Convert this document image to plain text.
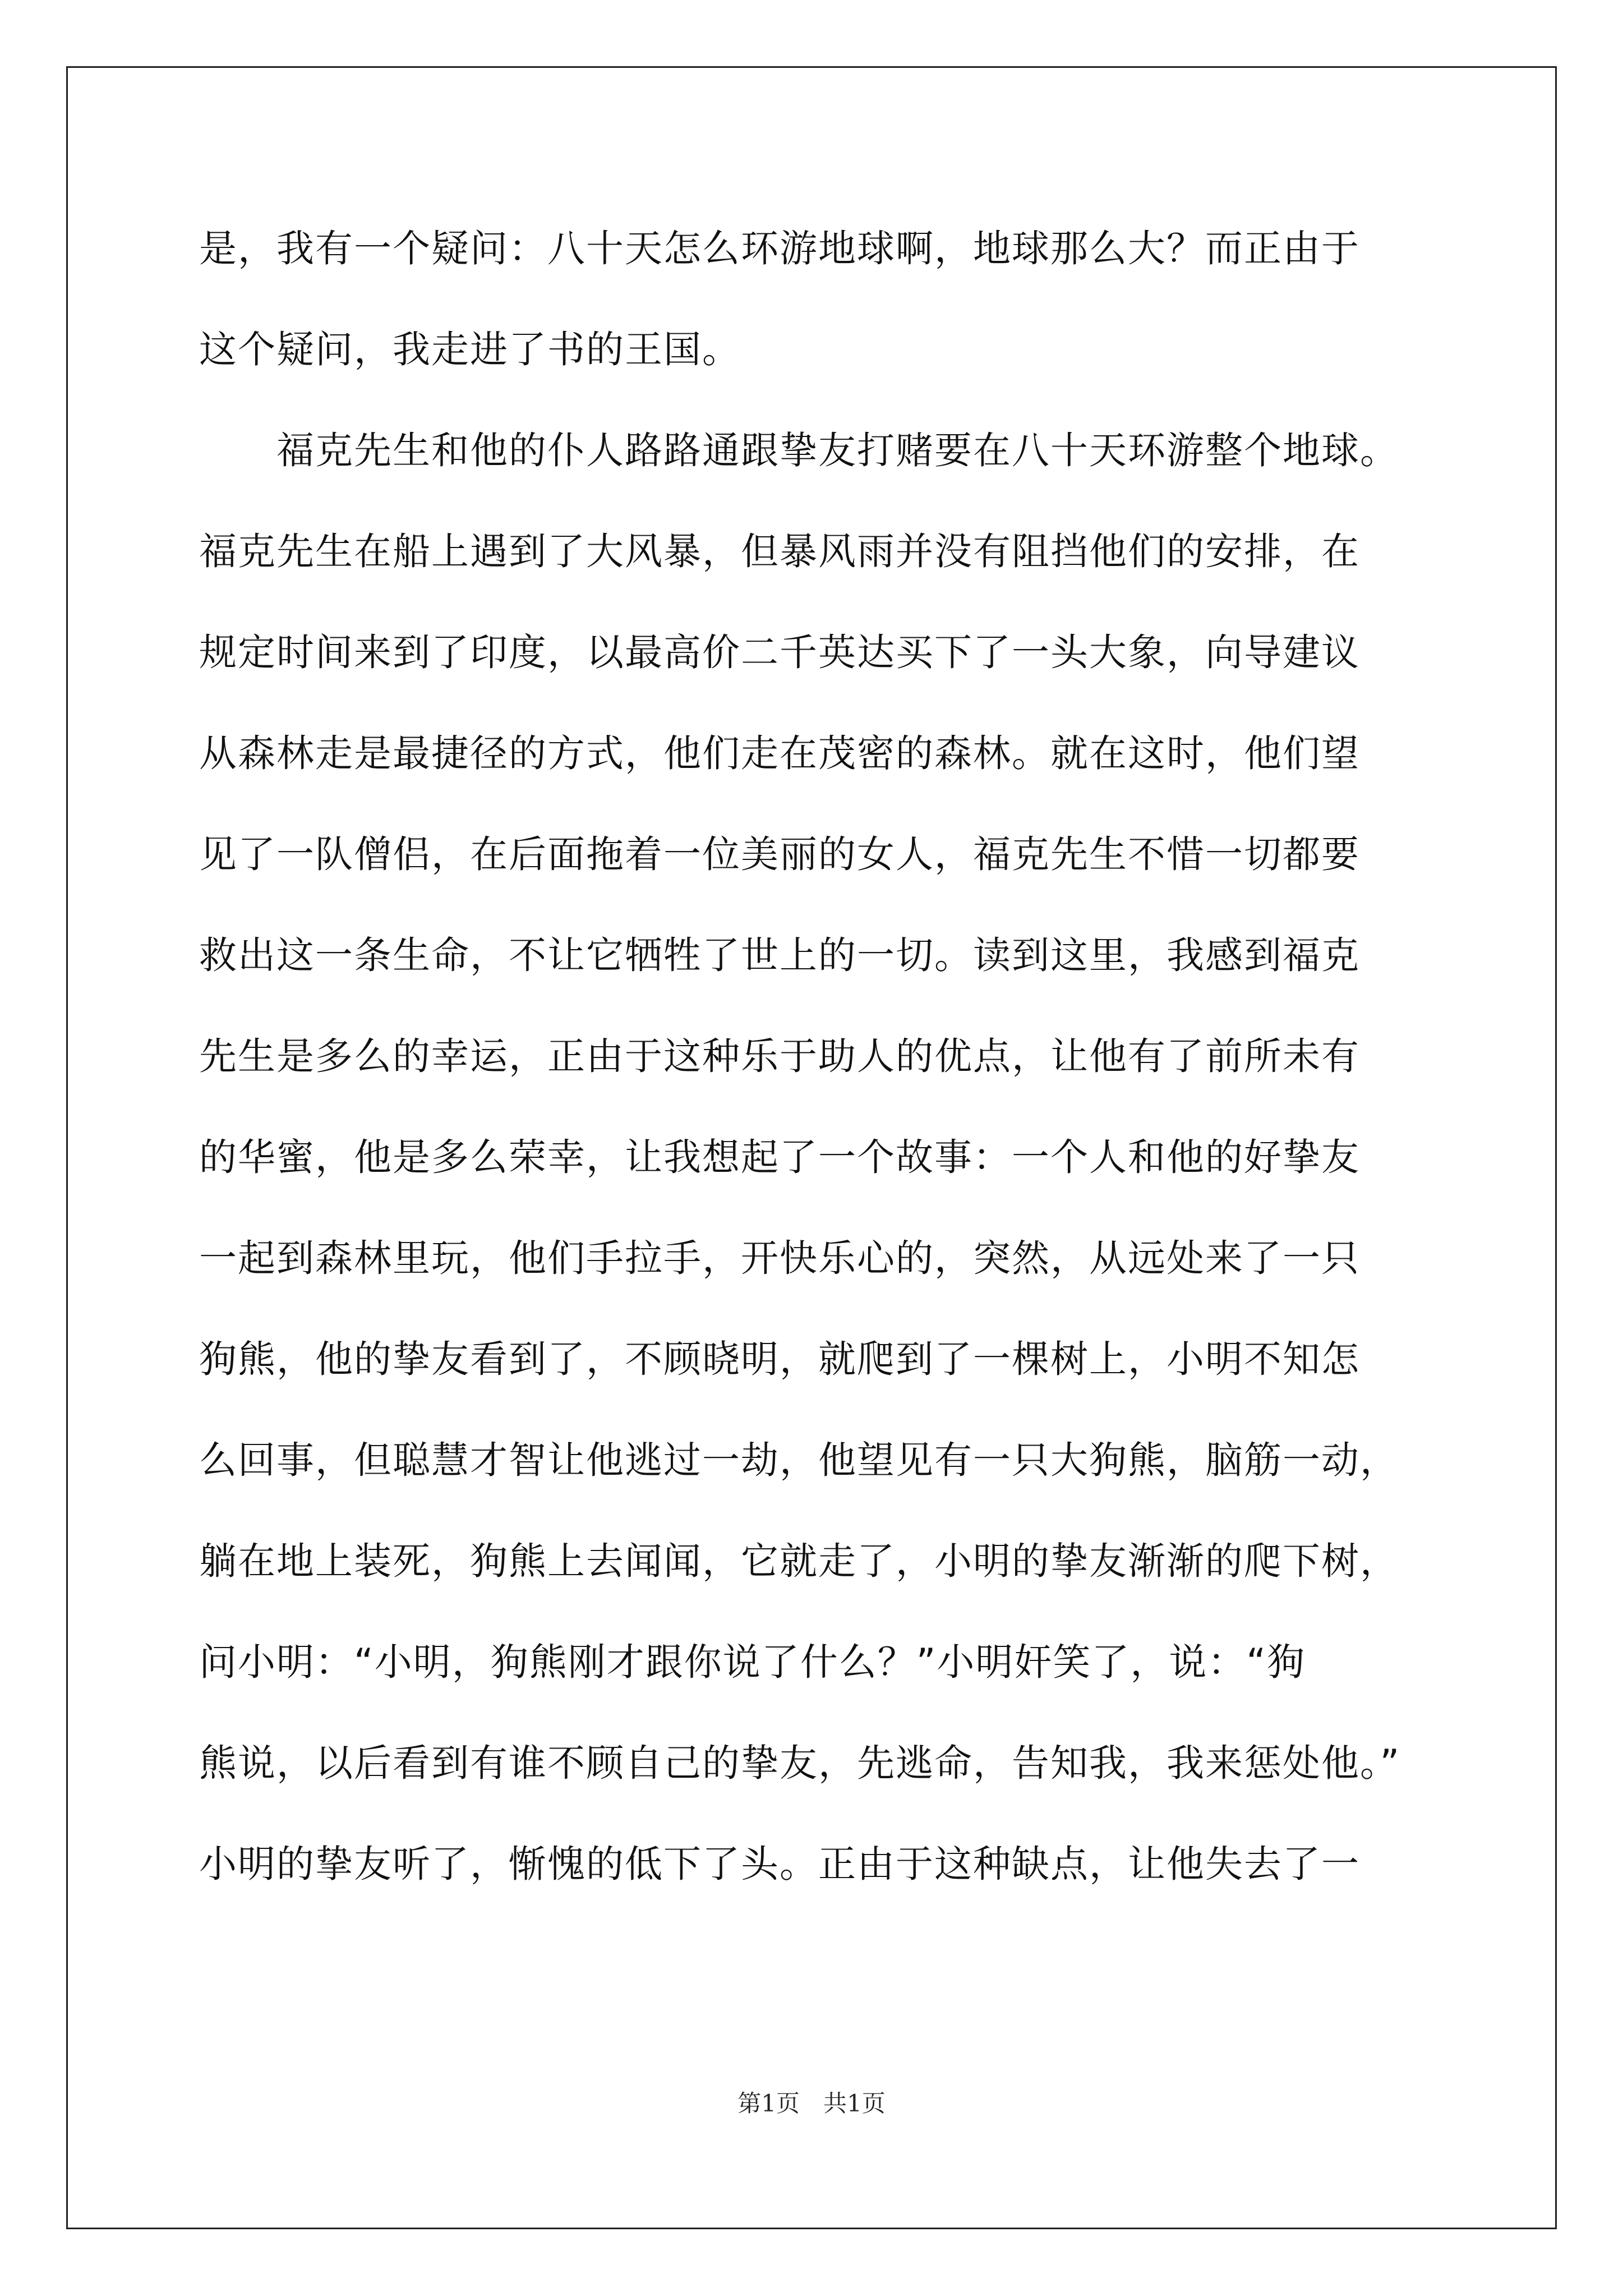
是，我有一个疑问：八十天怎么环游地球啊，地球那么大？而正由于
这个疑问，我走进了书的王国。
　　福克先生和他的仆人路路通跟挚友打赌要在八十天环游整个地球。
福克先生在船上遇到了大风暴，但暴风雨并没有阻挡他们的安排，在
规定时间来到了印度，以最高价二千英达买下了一头大象，向导建议
从森林走是最捷径的方式，他们走在茂密的森林。就在这时，他们望
见了一队僧侣，在后面拖着一位美丽的女人，福克先生不惜一切都要
救出这一条生命，不让它牺牲了世上的一切。读到这里，我感到福克
先生是多么的幸运，正由于这种乐于助人的优点，让他有了前所未有
的华蜜，他是多么荣幸，让我想起了一个故事：一个人和他的好挚友
一起到森林里玩，他们手拉手，开快乐心的，突然，从远处来了一只
狗熊，他的挚友看到了，不顾晓明，就爬到了一棵树上，小明不知怎
么回事，但聪慧才智让他逃过一劫，他望见有一只大狗熊，脑筋一动，
躺在地上装死，狗熊上去闻闻，它就走了，小明的挚友渐渐的爬下树，
问小明：“小明，狗熊刚才跟你说了什么？”小明奸笑了，说：“狗
熊说，以后看到有谁不顾自己的挚友，先逃命，告知我，我来惩处他。”
小明的挚友听了，惭愧的低下了头。正由于这种缺点，让他失去了一
第1页　共1页
